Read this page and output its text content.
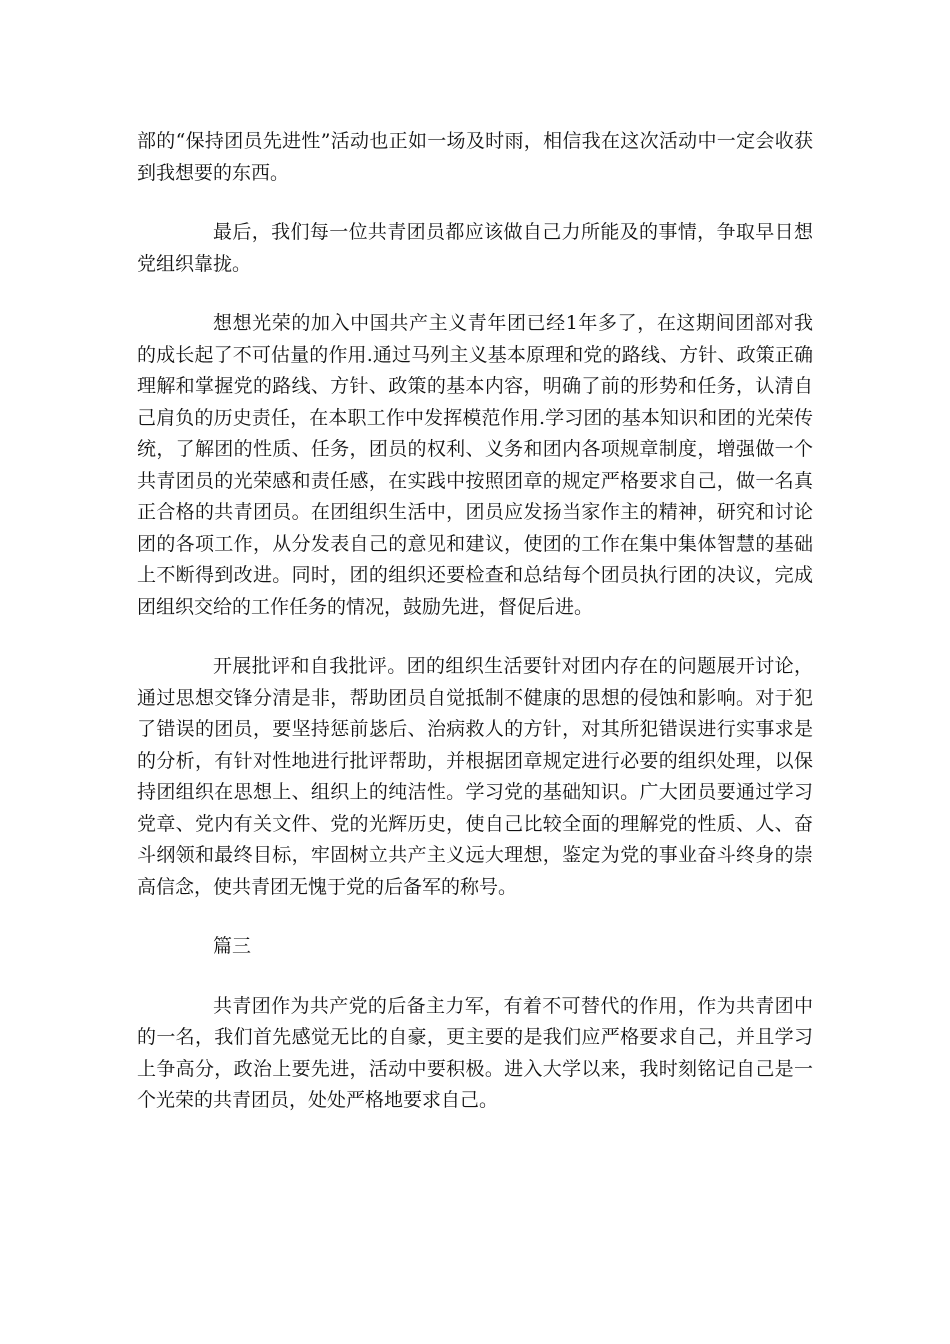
部的“保持团员先进性”活动也正如一场及时雨，相信我在这次活动中一定会收获到我想要的东西。

最后，我们每一位共青团员都应该做自己力所能及的事情，争取早日想党组织靠拢。

想想光荣的加入中国共产主义青年团已经1年多了，在这期间团部对我的成长起了不可估量的作用.通过马列主义基本原理和党的路线、方针、政策正确理解和掌握党的路线、方针、政策的基本内容，明确了前的形势和任务，认清自己肩负的历史责任，在本职工作中发挥模范作用.学习团的基本知识和团的光荣传统，了解团的性质、任务，团员的权利、义务和团内各项规章制度，增强做一个共青团员的光荣感和责任感，在实践中按照团章的规定严格要求自己，做一名真正合格的共青团员。在团组织生活中，团员应发扬当家作主的精神，研究和讨论团的各项工作，从分发表自己的意见和建议，使团的工作在集中集体智慧的基础上不断得到改进。同时，团的组织还要检查和总结每个团员执行团的决议，完成团组织交给的工作任务的情况，鼓励先进，督促后进。

开展批评和自我批评。团的组织生活要针对团内存在的问题展开讨论，通过思想交锋分清是非，帮助团员自觉抵制不健康的思想的侵蚀和影响。对于犯了错误的团员，要坚持惩前毖后、治病救人的方针，对其所犯错误进行实事求是的分析，有针对性地进行批评帮助，并根据团章规定进行必要的组织处理，以保持团组织在思想上、组织上的纯洁性。学习党的基础知识。广大团员要通过学习党章、党内有关文件、党的光辉历史，使自己比较全面的理解党的性质、人、奋斗纲领和最终目标，牢固树立共产主义远大理想，鉴定为党的事业奋斗终身的崇高信念，使共青团无愧于党的后备军的称号。

篇三

共青团作为共产党的后备主力军，有着不可替代的作用，作为共青团中的一名，我们首先感觉无比的自豪，更主要的是我们应严格要求自己，并且学习上争高分，政治上要先进，活动中要积极。进入大学以来，我时刻铭记自己是一个光荣的共青团员，处处严格地要求自己。
